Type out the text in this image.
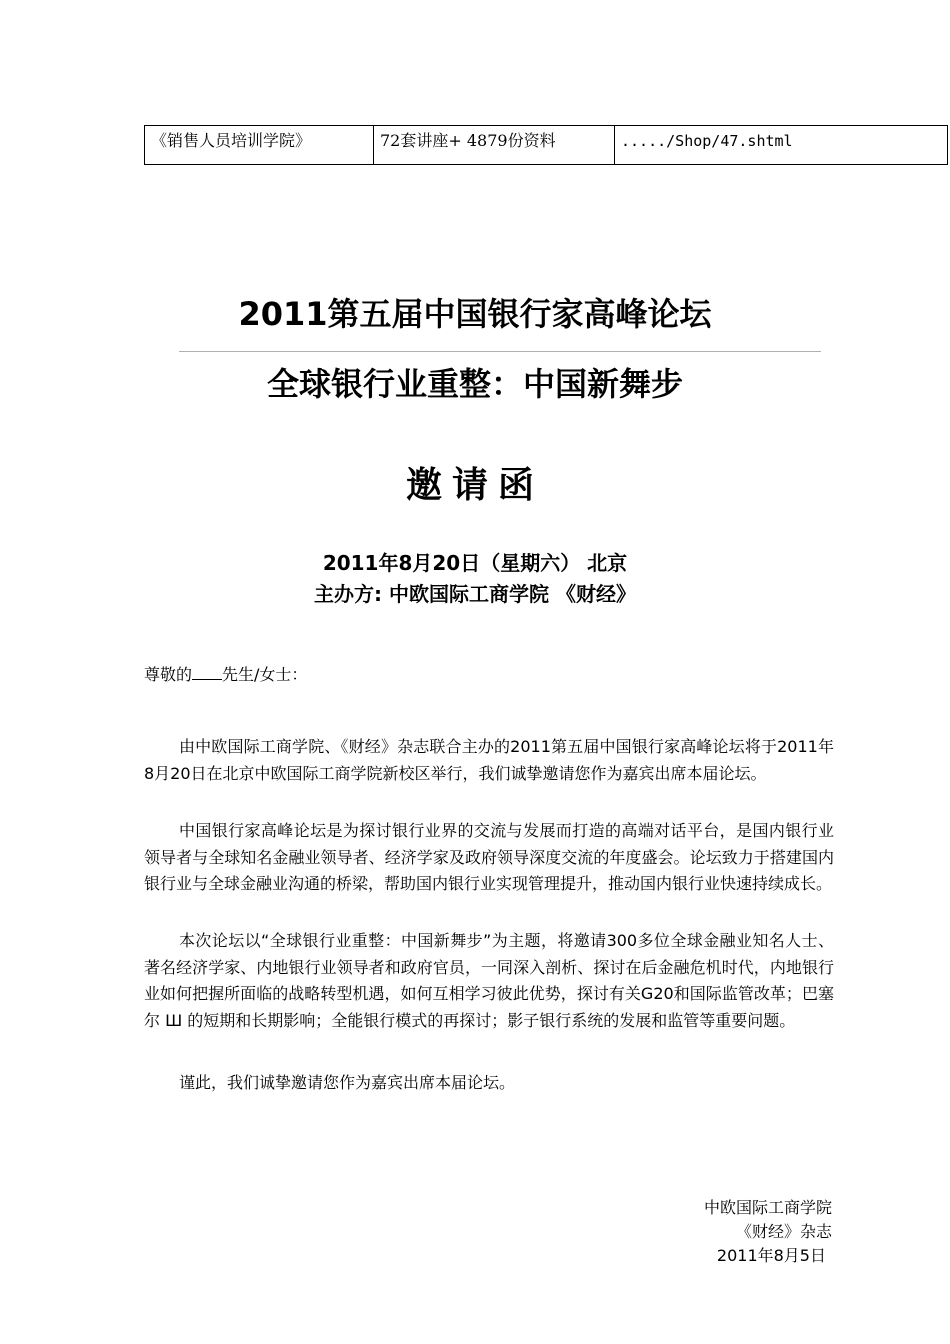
《销售人员培训学院》	72套讲座+ 4879份资料	...../Shop/47.shtml
2011第五届中国银行家高峰论坛
全球银行业重整：中国新舞步
邀请函
2011年8月20日（星期六） 北京
主办方: 中欧国际工商学院 《财经》
尊敬的 先生/女士：

由中欧国际工商学院、《财经》杂志联合主办的2011第五届中国银行家高峰论坛将于2011年8月20日在北京中欧国际工商学院新校区举行，我们诚挚邀请您作为嘉宾出席本届论坛。

中国银行家高峰论坛是为探讨银行业界的交流与发展而打造的高端对话平台，是国内银行业领导者与全球知名金融业领导者、经济学家及政府领导深度交流的年度盛会。论坛致力于搭建国内银行业与全球金融业沟通的桥梁，帮助国内银行业实现管理提升，推动国内银行业快速持续成长。

本次论坛以“全球银行业重整：中国新舞步”为主题，将邀请300多位全球金融业知名人士、著名经济学家、内地银行业领导者和政府官员，一同深入剖析、探讨在后金融危机时代，内地银行业如何把握所面临的战略转型机遇，如何互相学习彼此优势，探讨有关G20和国际监管改革；巴塞尔 Ш 的短期和长期影响；全能银行模式的再探讨；影子银行系统的发展和监管等重要问题。

谨此，我们诚挚邀请您作为嘉宾出席本届论坛。

中欧国际工商学院
《财经》杂志
2011年8月5日
